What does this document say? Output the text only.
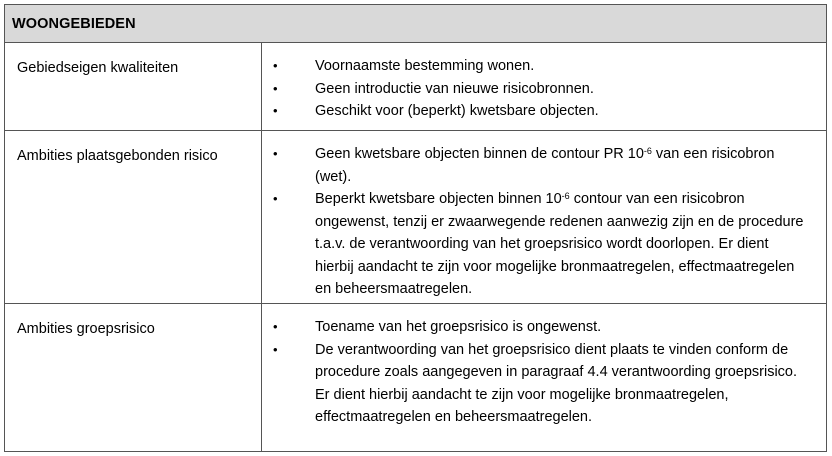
WOONGEBIEDEN
Gebiedseigen kwaliteiten	•	Voornaamste bestemming wonen.
•	Geen introductie van nieuwe risicobronnen.
•	Geschikt voor (beperkt) kwetsbare objecten.
Ambities plaatsgebonden risico	•	Geen kwetsbare objecten binnen de contour PR $10^{-6}$ van een risicobron (wet).
•	Beperkt kwetsbare objecten binnen $10^{-6}$ contour van een risicobron ongewenst, tenzij er zwaarwegende redenen aanwezig zijn en de procedure t.a.v. de verantwoording van het groepsrisico wordt doorlopen. Er dient hierbij aandacht te zijn voor mogelijke bronmaatregelen, effectmaatregelen en beheersmaatregelen.
Ambities groepsrisico	•	Toename van het groepsrisico is ongewenst.
•	De verantwoording van het groepsrisico dient plaats te vinden conform de procedure zoals aangegeven in paragraaf 4.4 verantwoording groepsrisico. Er dient hierbij aandacht te zijn voor mogelijke bronmaatregelen, effectmaatregelen en beheersmaatregelen.
